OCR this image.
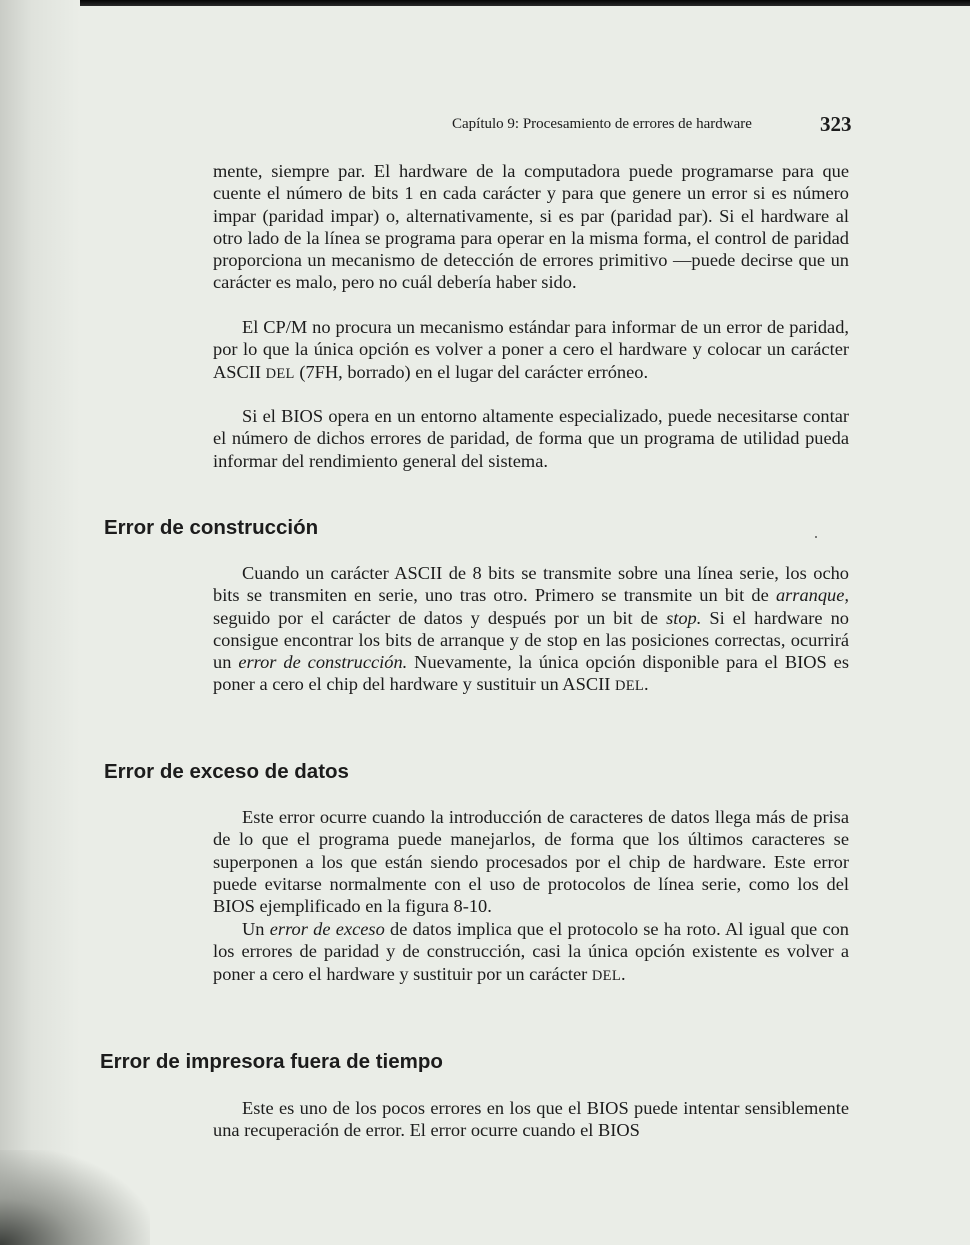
Capítulo 9: Procesamiento de errores de hardware	323

mente, siempre par. El hardware de la computadora puede programarse para que cuente el número de bits 1 en cada carácter y para que genere un error si es número impar (paridad impar) o, alternativamente, si es par (paridad par). Si el hardware al otro lado de la línea se programa para operar en la misma forma, el control de paridad proporciona un mecanismo de detección de errores primitivo —puede decirse que un carácter es malo, pero no cuál debería haber sido.

El CP/M no procura un mecanismo estándar para informar de un error de paridad, por lo que la única opción es volver a poner a cero el hardware y colocar un carácter ASCII DEL (7FH, borrado) en el lugar del carácter erróneo.

Si el BIOS opera en un entorno altamente especializado, puede necesitarse contar el número de dichos errores de paridad, de forma que un programa de utilidad pueda informar del rendimiento general del sistema.

Error de construcción

Cuando un carácter ASCII de 8 bits se transmite sobre una línea serie, los ocho bits se transmiten en serie, uno tras otro. Primero se transmite un bit de arranque, seguido por el carácter de datos y después por un bit de stop. Si el hardware no consigue encontrar los bits de arranque y de stop en las posiciones correctas, ocurrirá un error de construcción. Nuevamente, la única opción disponible para el BIOS es poner a cero el chip del hardware y sustituir un ASCII DEL.

Error de exceso de datos

Este error ocurre cuando la introducción de caracteres de datos llega más de prisa de lo que el programa puede manejarlos, de forma que los últimos caracteres se superponen a los que están siendo procesados por el chip de hardware. Este error puede evitarse normalmente con el uso de protocolos de línea serie, como los del BIOS ejemplificado en la figura 8-10.

Un error de exceso de datos implica que el protocolo se ha roto. Al igual que con los errores de paridad y de construcción, casi la única opción existente es volver a poner a cero el hardware y sustituir por un carácter DEL.

Error de impresora fuera de tiempo

Este es uno de los pocos errores en los que el BIOS puede intentar sensiblemente una recuperación de error. El error ocurre cuando el BIOS
